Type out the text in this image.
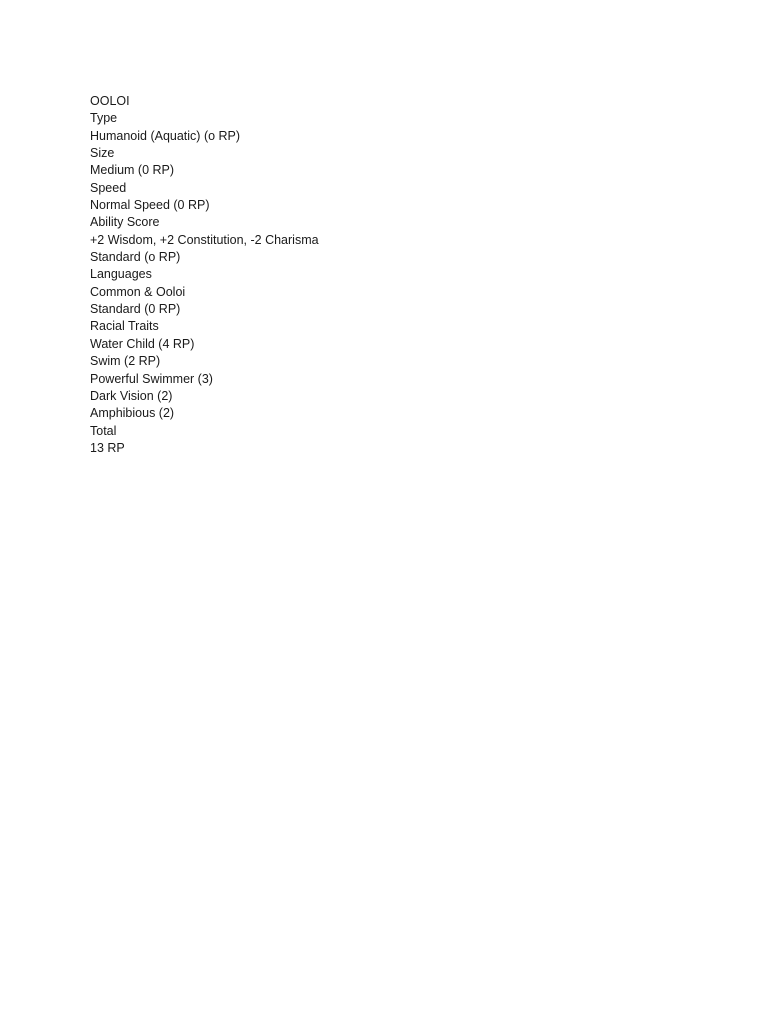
OOLOI
Type
Humanoid (Aquatic) (o RP)
Size
Medium (0 RP)
Speed
Normal Speed (0 RP)
Ability Score
+2 Wisdom, +2 Constitution, -2 Charisma
Standard (o RP)
Languages
Common & Ooloi
Standard (0 RP)
Racial Traits
Water Child (4 RP)
Swim (2 RP)
Powerful Swimmer (3)
Dark Vision (2)
Amphibious (2)
Total
13 RP
